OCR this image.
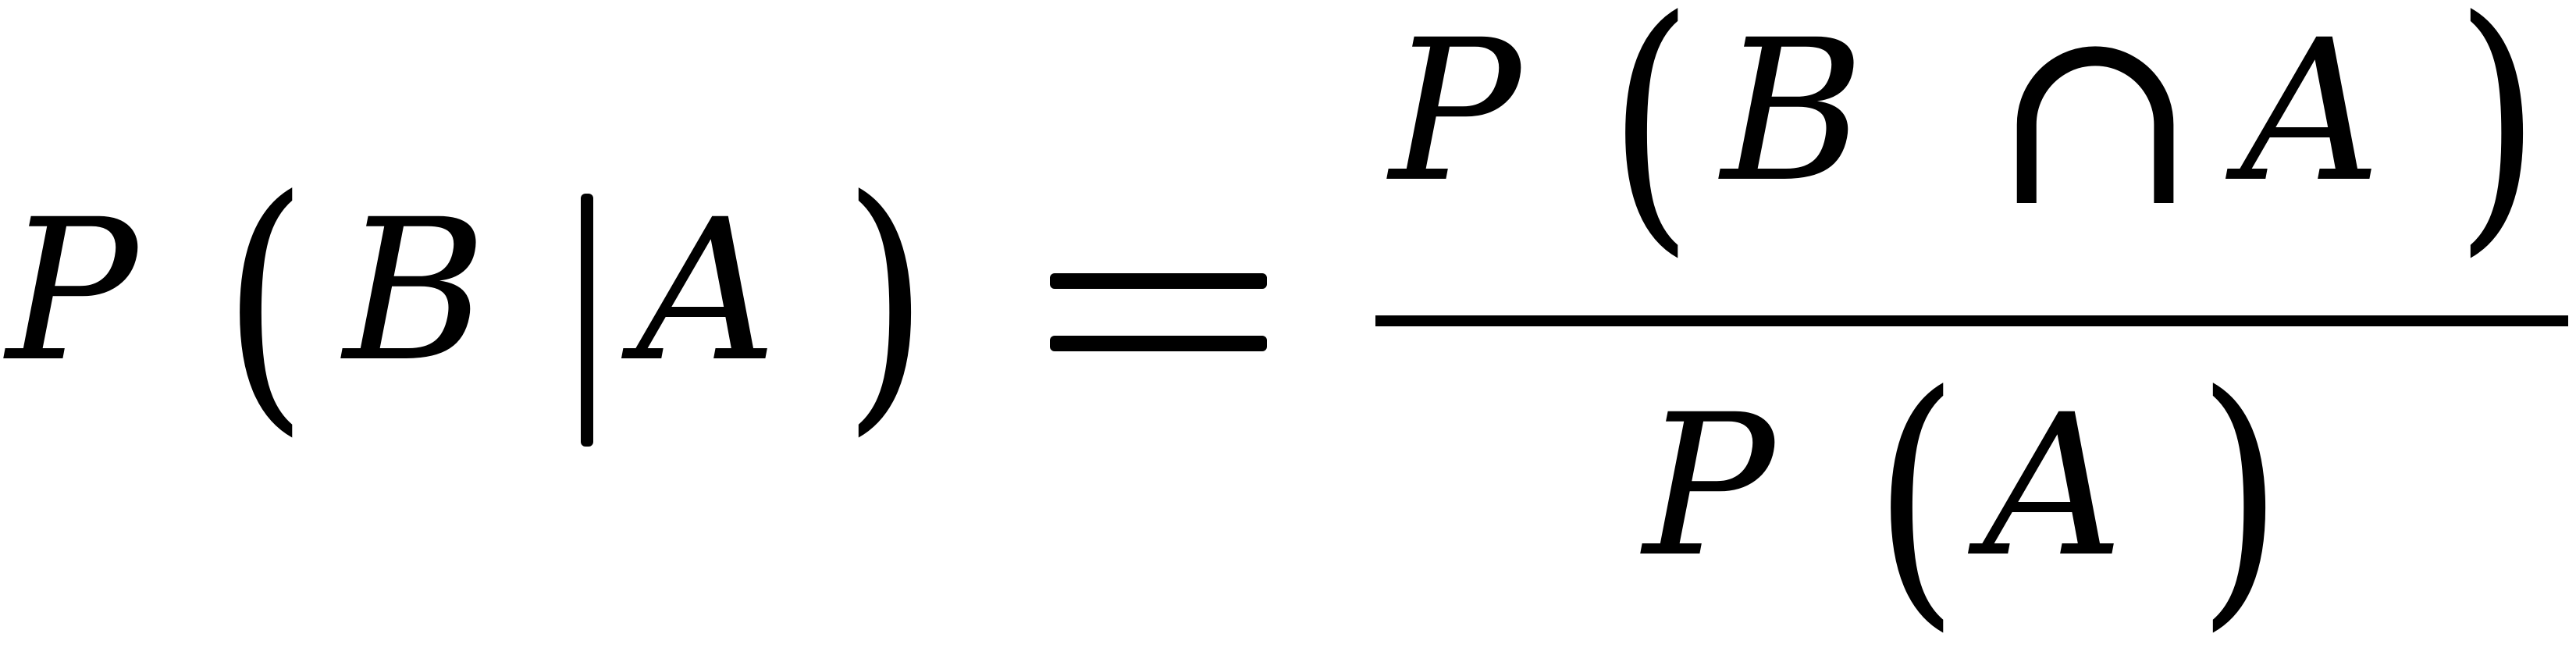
P ( B A )
P ( B ∩ A )
P ( A )
